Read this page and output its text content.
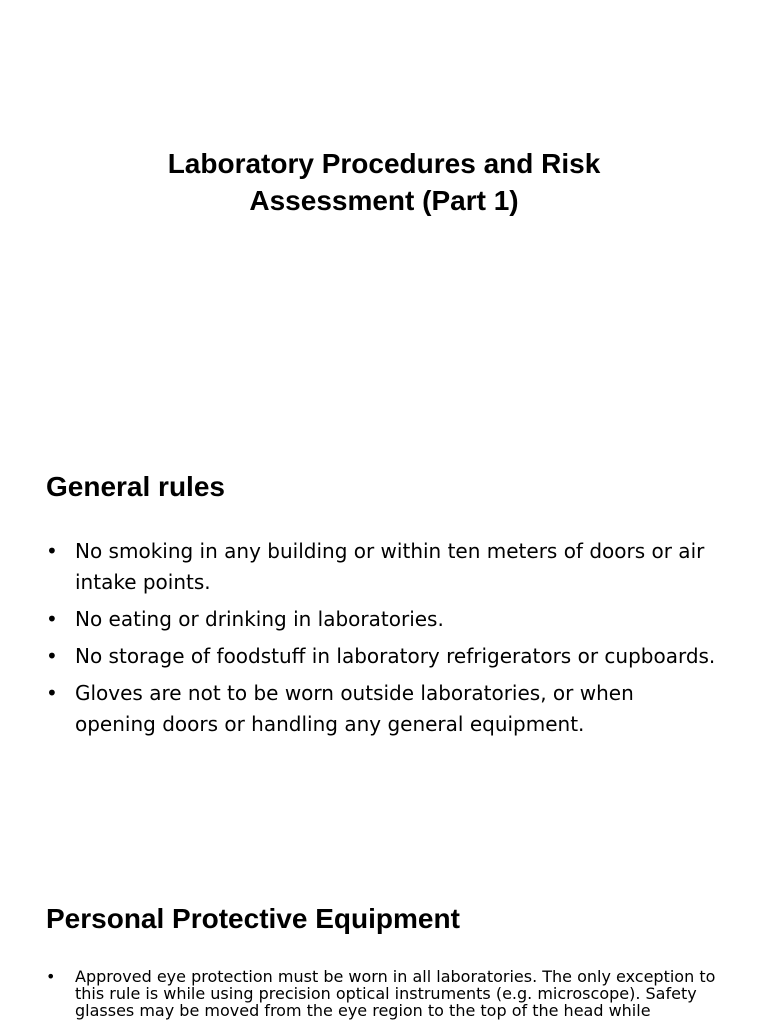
Laboratory Procedures and Risk Assessment (Part 1)
General rules
• No smoking in any building or within ten meters of doors or air intake points.
• No eating or drinking in laboratories.
• No storage of foodstuff in laboratory refrigerators or cupboards.
• Gloves are not to be worn outside laboratories, or when opening doors or handling any general equipment.
Personal Protective Equipment
• Approved eye protection must be worn in all laboratories. The only exception to this rule is while using precision optical instruments (e.g. microscope). Safety glasses may be moved from the eye region to the top of the head while
